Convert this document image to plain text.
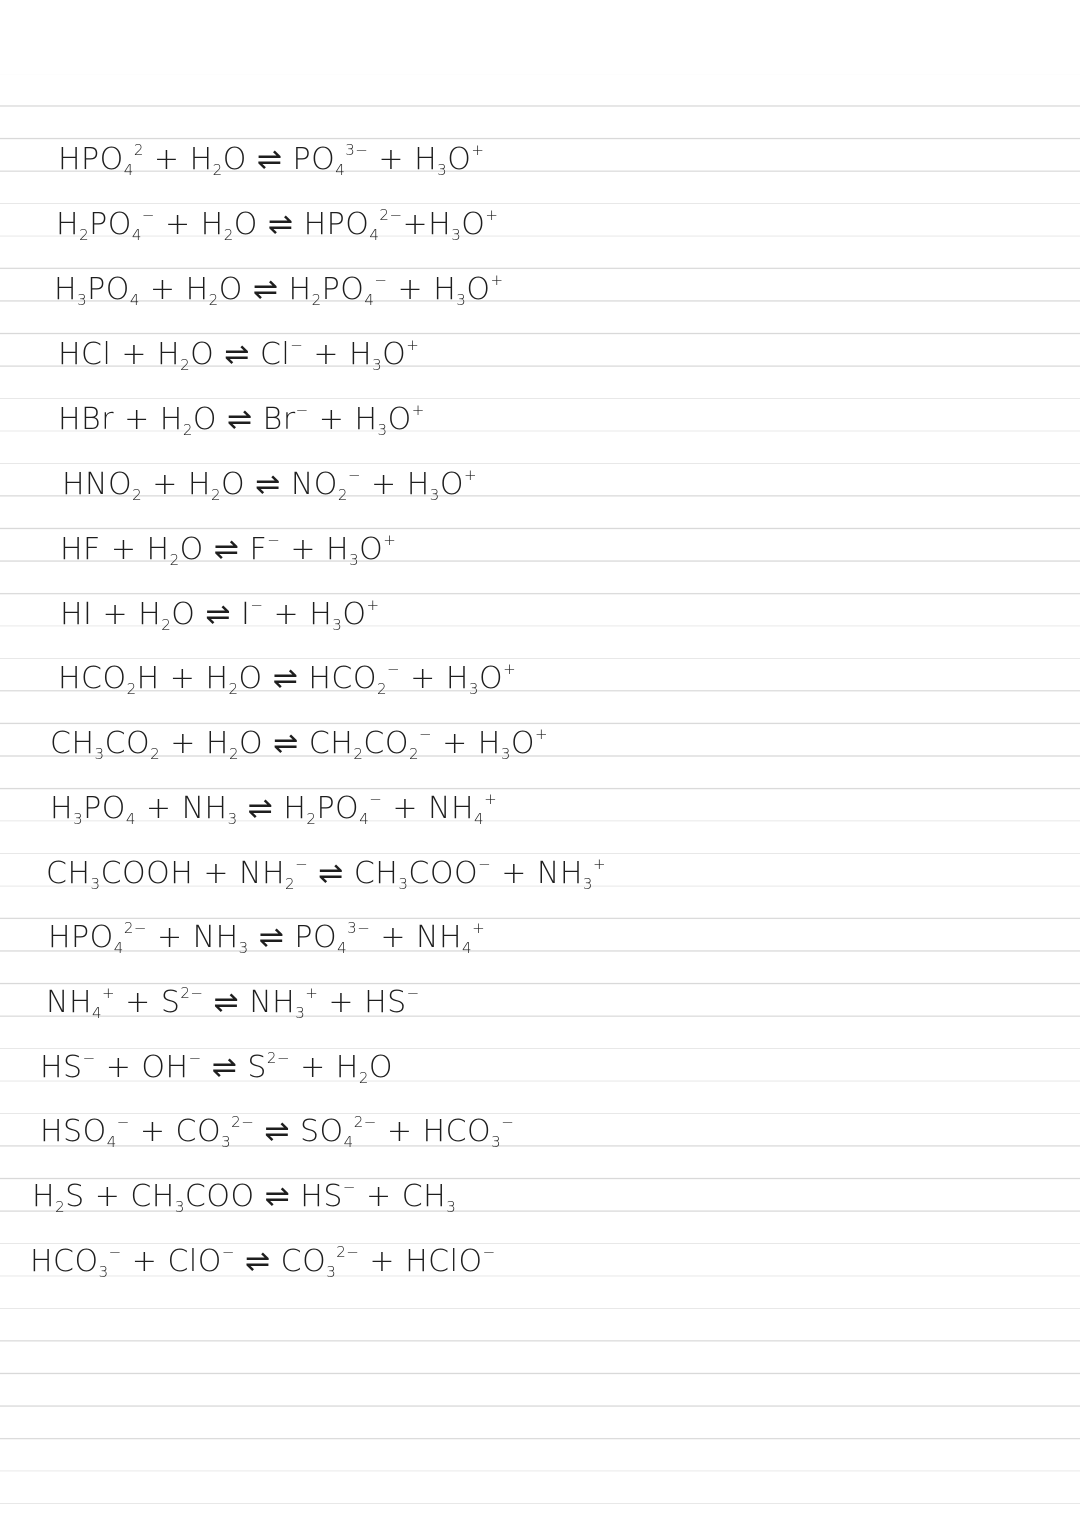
$HPO_4^2 + H_2O$ ⇌ $PO_4^{3-} + H_3O^+$
$H_2PO_4^- + H_2O$ ⇌ $HPO_4^{2-}+H_3O^+$
$H_3PO_4 + H_2O$ ⇌ $H_2PO_4^- + H_3O^+$
HCl + $H_2O$ ⇌ $Cl^- + H_3O^+$
HBr + $H_2O$ ⇌ $Br^- + H_3O^+$
$HNO_2 + H_2O$ ⇌ $NO_2^- + H_3O^+$
HF + $H_2O$ ⇌ $F^- + H_3O^+$
HI + $H_2O$ ⇌ $I^- + H_3O^+$
$HCO_2H + H_2O$ ⇌ $HCO_2^- + H_3O^+$
$CH_3CO_2 + H_2O$ ⇌ $CH_2CO_2^- + H_3O^+$
$H_3PO_4 + NH_3$ ⇌ $H_2PO_4^- + NH_4^+$
$CH_3COOH + NH_2^-$ ⇌ $CH_3COO^- + NH_3^+$
$HPO_4^{2-} + NH_3$ ⇌ $PO_4^{3-} + NH_4^+$
$NH_4^+ + S^{2-}$ ⇌ $NH_3^+ + HS^-$
HS− + OH− ⇌ $S^{2-} + H_2O$
$HSO_4^- + CO_3^{2-}$ ⇌ $SO_4^{2-} + HCO_3^-$
$H_2S + CH_3COO$ ⇌ $HS^- + CH_3$
$HCO_3^- + ClO^-$ ⇌ $CO_3^{2-}$ + HClO−
